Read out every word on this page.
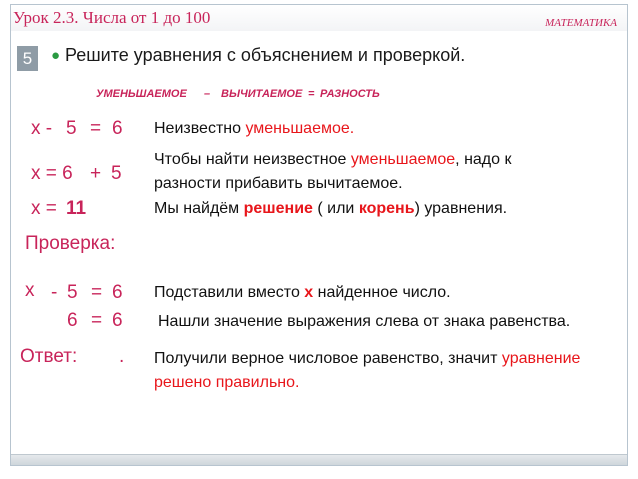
Урок 2.3. Числа от 1 до 100	МАТЕМАТИКА
5	● Решите уравнения с объяснением и проверкой.
УМЕНЬШАЕМОЕ – ВЫЧИТАЕМОЕ = РАЗНОСТЬ
х - 5 = 6 Неизвестно уменьшаемое.
х = 6 + 5
Чтобы найти неизвестное уменьшаемое, надо к
разности прибавить вычитаемое.
х = 11	Мы найдём решение ( или корень) уравнения.
Проверка:
х - 5 = 6 Подставили вместо х найденное число.
6 = 6 Нашли значение выражения слева от знака равенства.
Ответ: . Получили верное числовое равенство, значит уравнение
решено правильно.
